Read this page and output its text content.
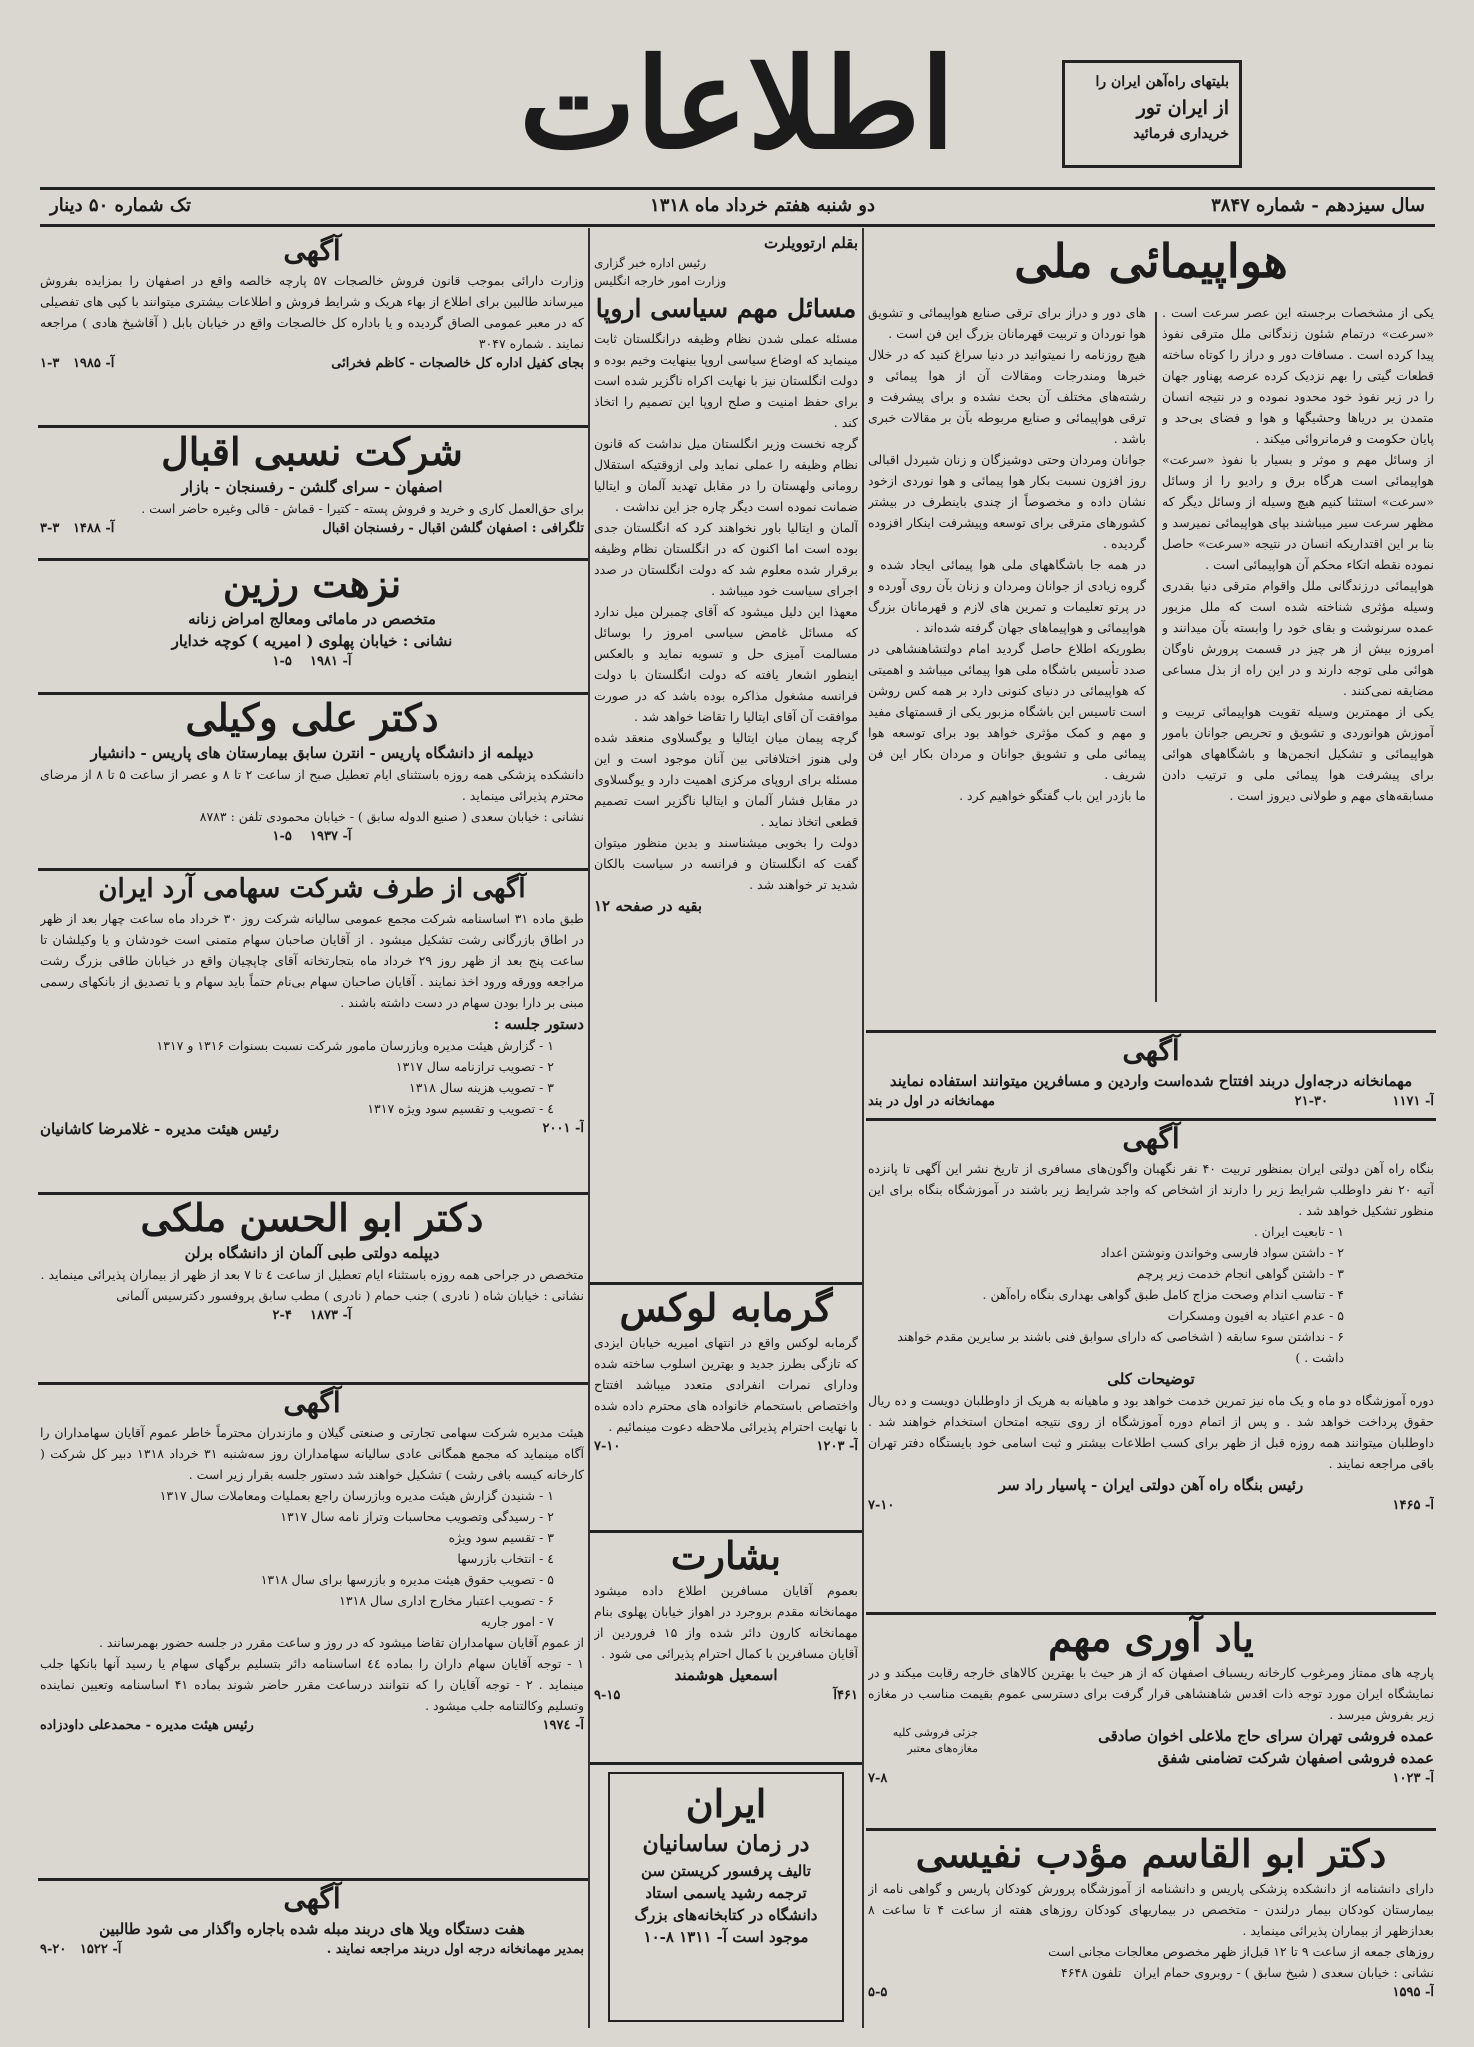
اطلاعات	بلیتهای راه‌آهن ایران را
از ایران تور
خریداری فرمائید
سال سیزدهم - شماره ۳۸۴۷
دو شنبه هفتم خرداد ماه ۱۳۱۸
تک شماره ۵۰ دینار
هواپیمائی ملی

یکی از مشخصات برجسته این عصر سرعت است . «سرعت» درتمام شئون زندگانی ملل مترقی نفوذ پیدا کرده است . مسافات دور و دراز را کوتاه ساخته قطعات گیتی را بهم نزدیک کرده عرصه پهناور جهان را در زیر نفوذ خود محدود نموده و در نتیجه انسان متمدن بر دریاها وحشیگها و هوا و فضای بی‌حد و پایان حکومت و فرمانروائی میکند .

از وسائل مهم و موثر و بسیار با نفوذ «سرعت» هواپیمائی است هرگاه برق و رادیو را از وسائل «سرعت» استثنا کنیم هیچ وسیله از وسائل دیگر که مظهر سرعت سیر میباشند بپای هواپیمائی نمیرسد و بنا بر این اقتداریکه انسان در نتیجه «سرعت» حاصل نموده نقطه اتکاء محکم آن هواپیمائی است .

هواپیمائی درزندگانی ملل واقوام مترقی دنیا بقدری وسیله مؤثری شناخته شده است که ملل مزبور عمده سرنوشت و بقای خود را وابسته بآن میدانند و امروزه بیش از هر چیز در قسمت پرورش ناوگان هوائی ملی توجه دارند و در این راه از بذل مساعی مضایقه نمی‌کنند .

یکی از مهمترین وسیله تقویت هواپیمائی تربیت و آموزش هوانوردی و تشویق و تحریص جوانان بامور هواپیمائی و تشکیل انجمن‌ها و باشگاههای هوائی برای پیشرفت هوا پیمائی ملی و ترتیب دادن مسابقه‌های مهم و طولانی دیروز است .

های دور و دراز برای ترقی صنایع هواپیمائی و تشویق هوا نوردان و تربیت قهرمانان بزرگ این فن است .

هیچ روزنامه را نمیتوانید در دنیا سراغ کنید که در خلال خبرها ومندرجات ومقالات آن از هوا پیمائی و رشته‌های مختلف آن بحث نشده و برای پیشرفت و ترقی هواپیمائی و صنایع مربوطه بآن بر مقالات خبری باشد .

جوانان ومردان وحتی دوشیزگان و زنان شیردل اقبالی روز افزون نسبت بکار هوا پیمائی و هوا نوردی ازخود نشان داده و مخصوصاً از چندی باینطرف در بیشتر کشورهای مترقی برای توسعه وپیشرفت اینکار افزوده گردیده .

در همه جا باشگاههای ملی هوا پیمائی ایجاد شده و گروه زیادی از جوانان ومردان و زنان بآن روی آورده و در پرتو تعلیمات و تمرین های لازم و قهرمانان بزرگ هواپیمائی و هواپیماهای جهان گرفته شده‌اند .

بطوریکه اطلاع حاصل گردید امام دولتشاهنشاهی در صدد تأسیس باشگاه ملی هوا پیمائی میباشد و اهمیتی که هواپیمائی در دنیای کنونی دارد بر همه کس روشن است تاسیس این باشگاه مزبور یکی از قسمتهای مفید و مهم و کمک مؤثری خواهد بود برای توسعه هوا پیمائی ملی و تشویق جوانان و مردان بکار این فن شریف .

ما بازدر این باب گفتگو خواهیم کرد .

آگهی
مهمانخانه درجه‌اول دربند افتتاح شده‌است واردین و مسافرین میتوانند استفاده نمایند
آ- ۱۱۷۱ ۲۱-۳۰
مهمانخانه در اول در بند
آگهی
بنگاه راه آهن دولتی ایران بمنظور تربیت ۴۰ نفر نگهبان واگون‌های مسافری از تاریخ نشر این آگهی تا پانزده آتیه ۲۰ نفر داوطلب شرایط زیر را دارند از اشخاص که واجد شرایط زیر باشند در آموزشگاه بنگاه برای این منظور تشکیل خواهد شد .
۱ - تابعیت ایران .
۲ - داشتن سواد فارسی وخواندن ونوشتن اعداد
۳ - داشتن گواهی انجام خدمت زیر پرچم
۴ - تناسب اندام وصحت مزاج کامل طبق گواهی بهداری بنگاه راه‌آهن .
۵ - عدم اعتیاد به افیون ومسکرات
۶ - نداشتن سوء سابقه ( اشخاصی که دارای سوابق فنی باشند بر سایرین مقدم خواهند داشت . )
توضیحات کلی
دوره آموزشگاه دو ماه و یک ماه نیز تمرین خدمت خواهد بود و ماهیانه به هریک از داوطلبان دویست و ده ریال حقوق پرداخت خواهد شد . و پس از اتمام دوره آموزشگاه از روی نتیجه امتحان استخدام خواهند شد . داوطلبان میتوانند همه روزه قبل از ظهر برای کسب اطلاعات بیشتر و ثبت اسامی خود بایستگاه دفتر تهران باقی مراجعه نمایند .
رئیس بنگاه راه آهن دولتی ایران - پاسیار راد سر
آ- ۱۴۶۵
۷-۱۰
یاد آوری مهم
پارچه های ممتاز ومرغوب کارخانه ریسباف اصفهان که از هر حیث با بهترین کالاهای خارجه رقابت میکند و در نمایشگاه ایران مورد توجه ذات اقدس شاهنشاهی قرار گرفت برای دسترسی عموم بقیمت مناسب در مغازه زیر بفروش میرسد .
عمده فروشی تهران سرای حاج ملاعلی اخوان صادقی
عمده فروشی اصفهان شرکت تضامنی شفق
جزئی فروشی کلیه مغازه‌های معتبر
آ- ۱۰۲۳
۷-۸
دکتر ابو القاسم مؤدب نفیسی
دارای دانشنامه از دانشکده پزشکی پاریس و دانشنامه از آموزشگاه پرورش کودکان پاریس و گواهی نامه از بیمارستان کودکان بیمار درلندن - متخصص در بیماریهای کودکان روزهای هفته از ساعت ۴ تا ساعت ۸ بعدازظهر از بیماران پذیرائی مینماید .
روزهای جمعه از ساعت ۹ تا ۱۲ قبل‌از ظهر مخصوص معالجات مجانی است
نشانی : خیابان سعدی ( شیخ سابق ) - روبروی حمام ایران   تلفون ۴۶۴۸
آ- ۱۵۹۵
۵-۵
بقلم ارتوویلرت
رئیس اداره خبر گزاری
وزارت امور خارجه انگلیس
مسائل مهم سیاسی اروپا

مسئله عملی شدن نظام وظیفه درانگلستان ثابت مینماید که اوضاع سیاسی اروپا بینهایت وخیم بوده و دولت انگلستان نیز با نهایت اکراه ناگزیر شده است برای حفظ امنیت و صلح اروپا این تصمیم را اتخاذ کند .

گرچه نخست وزیر انگلستان میل نداشت که قانون نظام وظیفه را عملی نماید ولی ازوقتیکه استقلال رومانی ولهستان را در مقابل تهدید آلمان و ایتالیا ضمانت نموده است دیگر چاره جز این نداشت .

آلمان و ایتالیا باور نخواهند کرد که انگلستان جدی بوده است اما اکنون که در انگلستان نظام وظیفه برقرار شده معلوم شد که دولت انگلستان در صدد اجرای سیاست خود میباشد .

معهذا این دلیل میشود که آقای چمبرلن میل ندارد که مسائل غامض سیاسی امروز را بوسائل مسالمت آمیزی حل و تسویه نماید و بالعکس اینطور اشعار یافته که دولت انگلستان با دولت فرانسه مشغول مذاکره بوده باشد که در صورت موافقت آن آقای ایتالیا را تقاضا خواهد شد .

گرچه پیمان میان ایتالیا و یوگسلاوی منعقد شده ولی هنوز اختلافاتی بین آنان موجود است و این مسئله برای اروپای مرکزی اهمیت دارد و یوگسلاوی در مقابل فشار آلمان و ایتالیا ناگزیر است تصمیم قطعی اتخاذ نماید .

دولت را بخوبی میشناسند و بدین منظور میتوان گفت که انگلستان و فرانسه در سیاست بالکان شدید تر خواهند شد .

بقیه در صفحه ۱۲
گرمابه لوکس
گرمابه لوکس واقع در انتهای امیریه خیابان ایزدی که تازگی بطرز جدید و بهترین اسلوب ساخته شده ودارای نمرات انفرادی متعدد میباشد افتتاح واختصاص باستحمام خانواده های محترم داده شده با نهایت احترام پذیرائی ملاحظه دعوت مینمائیم .
آ- ۱۲۰۳
۷-۱۰
بشارت
بعموم آقایان مسافرین اطلاع داده میشود مهمانخانه مقدم بروجرد در اهواز خیابان پهلوی بنام مهمانخانه کارون دائر شده واز ۱۵ فروردین از آقایان مسافرین با کمال احترام پذیرائی می شود .
اسمعیل هوشمند
۴۶۱آ
۹-۱۵
ایران
در زمان ساسانیان
تالیف پرفسور کریستن سن
ترجمه رشید یاسمی استاد
دانشگاه در کتابخانه‌های بزرگ
موجود است آ- ۱۳۱۱ ۸-۱۰
آگهی
وزارت دارائی بموجب قانون فروش خالصجات ۵۷ پارچه خالصه واقع در اصفهان را بمزایده بفروش میرساند طالبین برای اطلاع از بهاء هریک و شرایط فروش و اطلاعات بیشتری میتوانند با کپی های تفصیلی که در معبر عمومی الصاق گردیده و یا باداره کل خالصجات واقع در خیابان بابل ( آقاشیخ هادی ) مراجعه نمایند . شماره ۳۰۴۷
بجای کفیل اداره کل خالصجات - کاظم فخرائی
آ- ۱۹۸۵   ۱-۳
شرکت نسبی اقبال
اصفهان - سرای گلشن - رفسنجان - بازار
برای حق‌العمل کاری و خرید و فروش پسته - کتیرا - قماش - قالی وغیره حاضر است .
تلگرافی : اصفهان گلشن اقبال - رفسنجان اقبال
آ- ۱۴۸۸   ۳-۳
نزهت رزین
متخصص در مامائی ومعالج امراض زنانه
نشانی : خیابان پهلوی ( امیریه ) کوچه خدایار
آ- ۱۹۸۱    ۱-۵
دکتر علی وکیلی
دیپلمه از دانشگاه پاریس - انترن سابق بیمارستان های پاریس - دانشیار
دانشکده پزشکی همه روزه باستثنای ایام تعطیل صبح از ساعت ۲ تا ۸ و عصر از ساعت ۵ تا ۸ از مرضای محترم پذیرائی مینماید .
نشانی : خیابان سعدی ( صنیع الدوله سابق ) - خیابان محمودی تلفن : ۸۷۸۳
آ- ۱۹۳۷    ۱-۵
آگهی از طرف شرکت سهامی آرد ایران
طبق ماده ۳۱ اساسنامه شرکت مجمع عمومی سالیانه شرکت روز ۳۰ خرداد ماه ساعت چهار بعد از ظهر در اطاق بازرگانی رشت تشکیل میشود . از آقایان صاحبان سهام متمنی است خودشان و یا وکیلشان تا ساعت پنج بعد از ظهر روز ۲۹ خرداد ماه بتجارتخانه آقای چاپچیان واقع در خیابان طاقی بزرگ رشت مراجعه وورقه ورود اخذ نمایند . آقایان صاحبان سهام بی‌نام حتماً باید سهام و یا تصدیق از بانکهای رسمی مبنی بر دارا بودن سهام در دست داشته باشند .
دستور جلسه :
۱ - گزارش هیئت مدیره وبازرسان مامور شرکت نسبت بسنوات ۱۳۱۶ و ۱۳۱۷
۲ - تصویب ترازنامه سال ۱۳۱۷
۳ - تصویب هزینه سال ۱۳۱۸
٤ - تصویب و تقسیم سود ویژه ۱۳۱۷
آ- ۲۰۰۱
رئیس هیئت مدیره - غلامرضا کاشانیان
دکتر ابو الحسن ملکی
دیپلمه دولتی طبی آلمان از دانشگاه برلن
متخصص در جراحی همه روزه باستثناء ایام تعطیل از ساعت ٤ تا ۷ بعد از ظهر از بیماران پذیرائی مینماید .
نشانی : خیابان شاه ( نادری ) جنب حمام ( نادری ) مطب سابق پروفسور دکترسیس آلمانی
آ- ۱۸۷۳    ۲-۴
آگهی
هیئت مدیره شرکت سهامی تجارتی و صنعتی گیلان و مازندران محترماً خاطر عموم آقایان سهامداران را آگاه مینماید که مجمع همگانی عادی سالیانه سهامداران روز سه‌شنبه ۳۱ خرداد ۱۳۱۸ دبیر کل شرکت ( کارخانه کیسه بافی رشت ) تشکیل خواهند شد دستور جلسه بقرار زیر است .
۱ - شنیدن گزارش هیئت مدیره وبازرسان راجع بعملیات ومعاملات سال ۱۳۱۷
۲ - رسیدگی وتصویب محاسبات وتراز نامه سال ۱۳۱۷
۳ - تقسیم سود ویژه
٤ - انتخاب بازرسها
۵ - تصویب حقوق هیئت مدیره و بازرسها برای سال ۱۳۱۸
۶ - تصویب اعتبار مخارج اداری سال ۱۳۱۸
۷ - امور جاریه
از عموم آقایان سهامداران تقاضا میشود که در روز و ساعت مقرر در جلسه حضور بهمرسانند .
۱ - توجه آقایان سهام داران را بماده ٤٤ اساسنامه دائر بتسلیم برگهای سهام یا رسید آنها بانکها جلب مینماید . ۲ - توجه آقایان را که نتوانند درساعت مقرر حاضر شوند بماده ۴۱ اساسنامه وتعیین نماینده وتسلیم وکالتنامه جلب میشود .
آ- ۱۹۷٤
رئیس هیئت مدیره - محمدعلی داودزاده
آگهی
هفت دستگاه ویلا های دربند مبله شده باجاره واگذار می شود طالبین
بمدیر مهمانخانه درجه اول دربند مراجعه نمایند .
آ- ۱۵۲۲   ۹-۲۰
